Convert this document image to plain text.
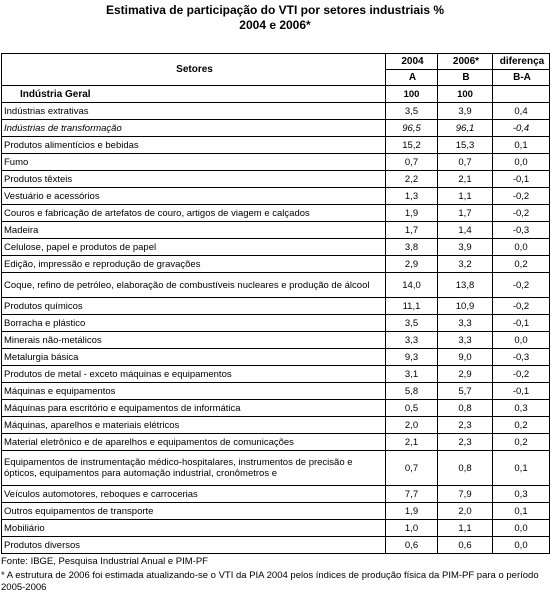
Estimativa de participação do VTI por setores industriais %
2004 e 2006*
Setores	2004	2006*	diferença
	A	B	B-A
Indústria Geral	100	100	
Indústrias extrativas	3,5	3,9	0,4
Indústrias de transformação	96,5	96,1	-0,4
Produtos alimentícios e bebidas	15,2	15,3	0,1
Fumo	0,7	0,7	0,0
Produtos têxteis	2,2	2,1	-0,1
Vestuário e acessórios	1,3	1,1	-0,2
Couros e fabricação de artefatos de couro, artigos de viagem e calçados	1,9	1,7	-0,2
Madeira	1,7	1,4	-0,3
Celulose, papel e produtos de papel	3,8	3,9	0,0
Edição, impressão e reprodução de gravações	2,9	3,2	0,2
Coque, refino de petróleo, elaboração de combustíveis nucleares e produção de álcool	14,0	13,8	-0,2
Produtos químicos	11,1	10,9	-0,2
Borracha e plástico	3,5	3,3	-0,1
Minerais não-metálicos	3,3	3,3	0,0
Metalurgia básica	9,3	9,0	-0,3
Produtos de metal - exceto máquinas e equipamentos	3,1	2,9	-0,2
Máquinas e equipamentos	5,8	5,7	-0,1
Máquinas para escritório e equipamentos de informática	0,5	0,8	0,3
Máquinas, aparelhos e materiais elétricos	2,0	2,3	0,2
Material eletrônico e de aparelhos e equipamentos de comunicações	2,1	2,3	0,2
Equipamentos de instrumentação médico-hospitalares, instrumentos de precisão e ópticos, equipamentos para automação industrial, cronômetros e	0,7	0,8	0,1
Veículos automotores, reboques e carrocerias	7,7	7,9	0,3
Outros equipamentos de transporte	1,9	2,0	0,1
Mobiliário	1,0	1,1	0,0
Produtos diversos	0,6	0,6	0,0
Fonte: IBGE, Pesquisa Industrial Anual e PIM-PF
* A estrutura de 2006 foi estimada atualizando-se o VTI da PIA 2004 pelos índices de produção física da PIM-PF para o período 2005-2006
